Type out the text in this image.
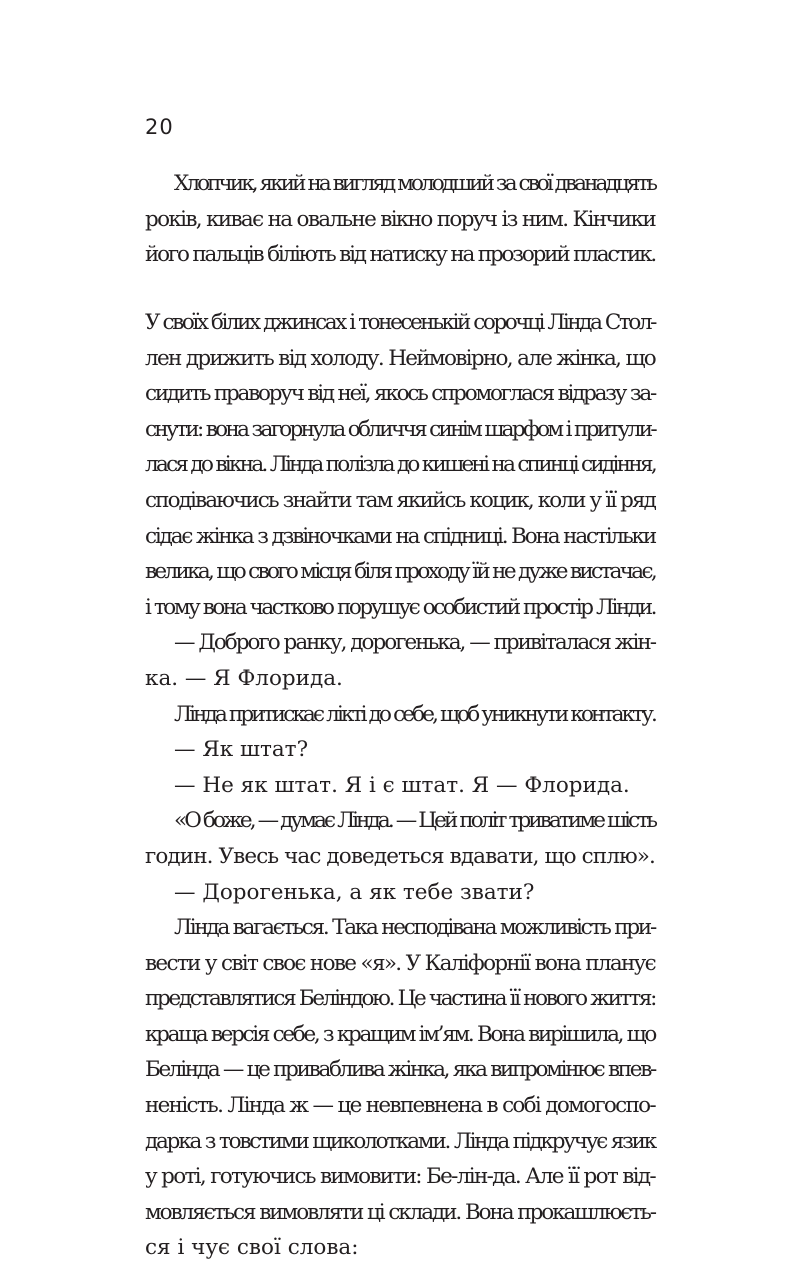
20
Хлопчик, який на вигляд молодший за свої дванадцять
років, киває на овальне вікно поруч із ним. Кінчики
його пальців біліють від натиску на прозорий пластик.
У своїх білих джинсах і тонесенькій сорочці Лінда Стол-
лен дрижить від холоду. Неймовірно, але жінка, що
сидить праворуч від неї, якось спромоглася відразу за-
снути: вона загорнула обличчя синім шарфом і притули-
лася до вікна. Лінда полізла до кишені на спинці сидіння,
сподіваючись знайти там якийсь коцик, коли у її ряд
сідає жінка з дзвіночками на спідниці. Вона настільки
велика, що свого місця біля проходу їй не дуже вистачає,
і тому вона частково порушує особистий простір Лінди.
— Доброго ранку, дорогенька, — привіталася жін-
ка. — Я Флорида.
Лінда притискає лікті до себе, щоб уникнути контакту.
— Як штат?
— Не як штат. Я і є штат. Я — Флорида.
«О боже, — думає Лінда. — Цей політ триватиме шість
годин. Увесь час доведеться вдавати, що сплю».
— Дорогенька, а як тебе звати?
Лінда вагається. Така несподівана можливість при-
вести у світ своє нове «я». У Каліфорнії вона планує
представлятися Беліндою. Це частина її нового життя:
краща версія себе, з кращим ім’ям. Вона вирішила, що
Белінда — це приваблива жінка, яка випромінює впев-
неність. Лінда ж — це невпевнена в собі домогоспо-
дарка з товстими щиколотками. Лінда підкручує язик
у роті, готуючись вимовити: Бе-лін-да. Але її рот від-
мовляється вимовляти ці склади. Вона прокашлюєть-
ся і чує свої слова:
